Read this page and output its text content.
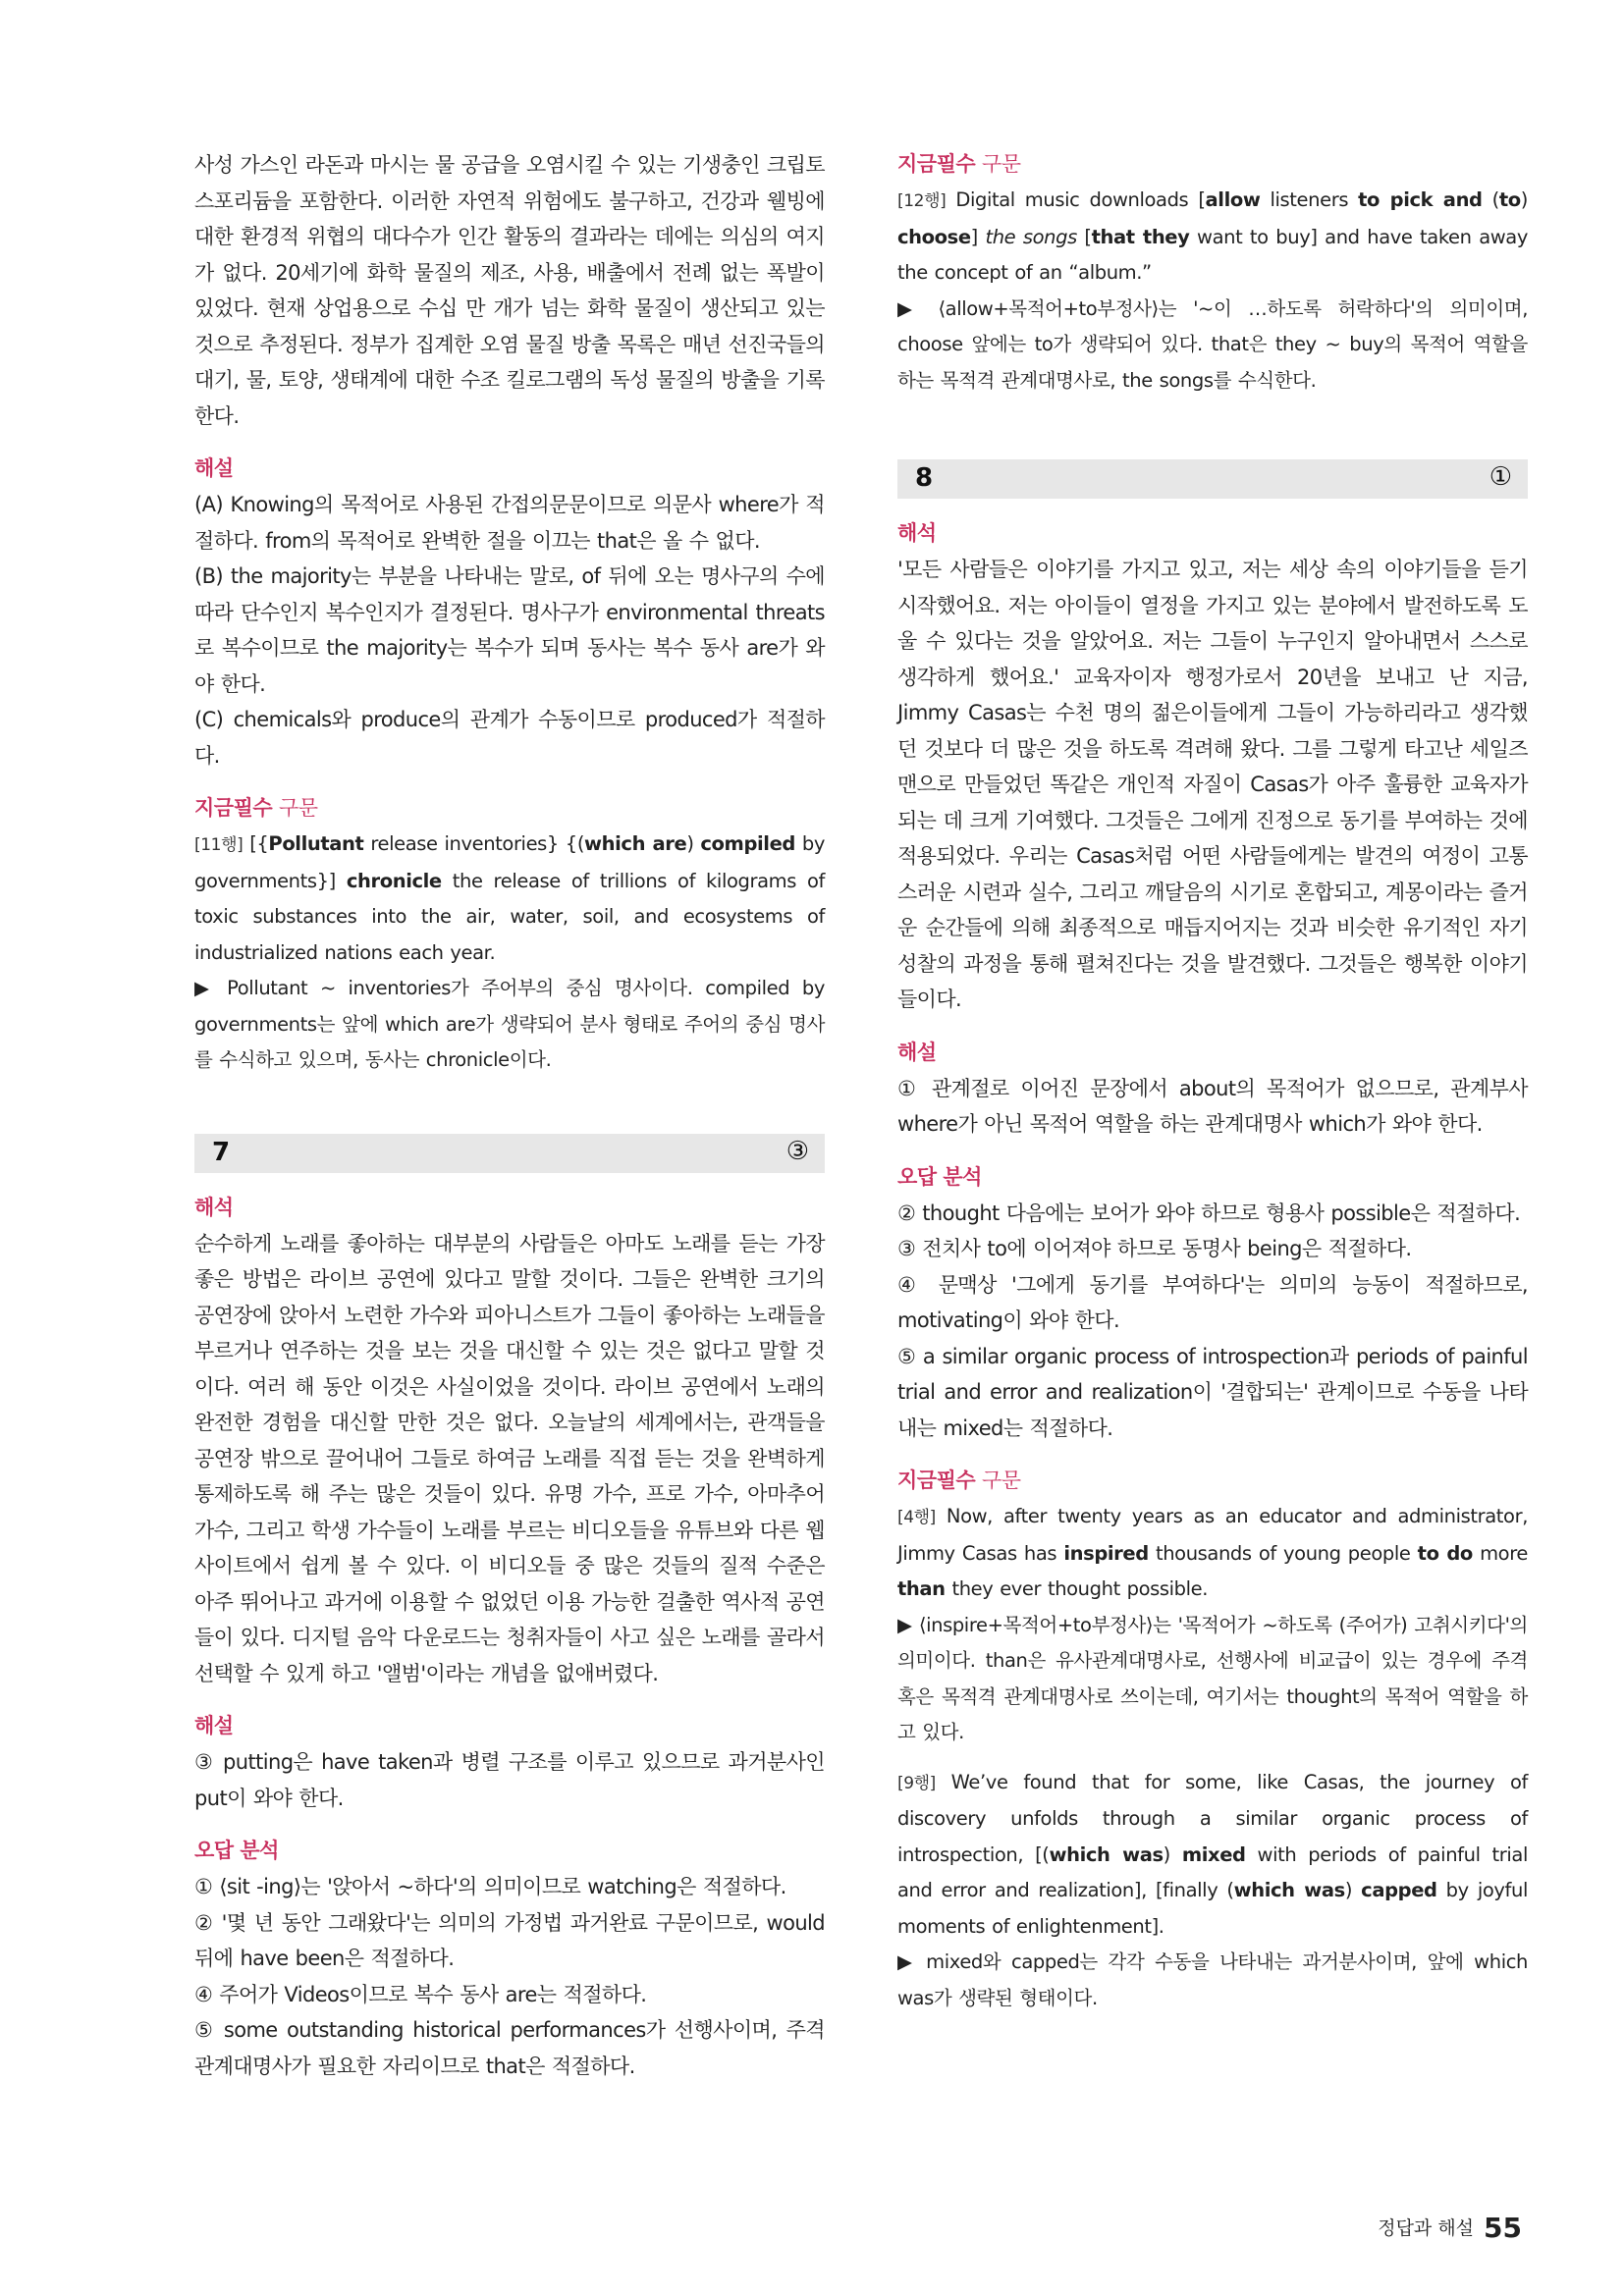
사성 가스인 라돈과 마시는 물 공급을 오염시킬 수 있는 기생충인 크립토스포리듐을 포함한다. 이러한 자연적 위험에도 불구하고, 건강과 웰빙에 대한 환경적 위협의 대다수가 인간 활동의 결과라는 데에는 의심의 여지가 없다. 20세기에 화학 물질의 제조, 사용, 배출에서 전례 없는 폭발이 있었다. 현재 상업용으로 수십 만 개가 넘는 화학 물질이 생산되고 있는 것으로 추정된다. 정부가 집계한 오염 물질 방출 목록은 매년 선진국들의 대기, 물, 토양, 생태계에 대한 수조 킬로그램의 독성 물질의 방출을 기록한다.

해설

(A) Knowing의 목적어로 사용된 간접의문문이므로 의문사 where가 적절하다. from의 목적어로 완벽한 절을 이끄는 that은 올 수 없다.

(B) the majority는 부분을 나타내는 말로, of 뒤에 오는 명사구의 수에 따라 단수인지 복수인지가 결정된다. 명사구가 environmental threats로 복수이므로 the majority는 복수가 되며 동사는 복수 동사 are가 와야 한다.

(C) chemicals와 produce의 관계가 수동이므로 produced가 적절하다.

지금필수 구문

[11행] [{Pollutant release inventories} {(which are) compiled by governments}] chronicle the release of trillions of kilograms of toxic substances into the air, water, soil, and ecosystems of industrialized nations each year.

▶ Pollutant ~ inventories가 주어부의 중심 명사이다. compiled by governments는 앞에 which are가 생략되어 분사 형태로 주어의 중심 명사를 수식하고 있으며, 동사는 chronicle이다.

7	③
해석

순수하게 노래를 좋아하는 대부분의 사람들은 아마도 노래를 듣는 가장 좋은 방법은 라이브 공연에 있다고 말할 것이다. 그들은 완벽한 크기의 공연장에 앉아서 노련한 가수와 피아니스트가 그들이 좋아하는 노래들을 부르거나 연주하는 것을 보는 것을 대신할 수 있는 것은 없다고 말할 것이다. 여러 해 동안 이것은 사실이었을 것이다. 라이브 공연에서 노래의 완전한 경험을 대신할 만한 것은 없다. 오늘날의 세계에서는, 관객들을 공연장 밖으로 끌어내어 그들로 하여금 노래를 직접 듣는 것을 완벽하게 통제하도록 해 주는 많은 것들이 있다. 유명 가수, 프로 가수, 아마추어 가수, 그리고 학생 가수들이 노래를 부르는 비디오들을 유튜브와 다른 웹 사이트에서 쉽게 볼 수 있다. 이 비디오들 중 많은 것들의 질적 수준은 아주 뛰어나고 과거에 이용할 수 없었던 이용 가능한 걸출한 역사적 공연들이 있다. 디지털 음악 다운로드는 청취자들이 사고 싶은 노래를 골라서 선택할 수 있게 하고 '앨범'이라는 개념을 없애버렸다.

해설

③ putting은 have taken과 병렬 구조를 이루고 있으므로 과거분사인 put이 와야 한다.

오답 분석

① ⟨sit -ing⟩는 '앉아서 ~하다'의 의미이므로 watching은 적절하다.

② '몇 년 동안 그래왔다'는 의미의 가정법 과거완료 구문이므로, would 뒤에 have been은 적절하다.

④ 주어가 Videos이므로 복수 동사 are는 적절하다.

⑤ some outstanding historical performances가 선행사이며, 주격 관계대명사가 필요한 자리이므로 that은 적절하다.

지금필수 구문

[12행] Digital music downloads [allow listeners to pick and (to) choose] the songs [that they want to buy] and have taken away the concept of an “album.”

▶ ⟨allow+목적어+to부정사⟩는 '~이 …하도록 허락하다'의 의미이며, choose 앞에는 to가 생략되어 있다. that은 they ~ buy의 목적어 역할을 하는 목적격 관계대명사로, the songs를 수식한다.

8	①
해석

'모든 사람들은 이야기를 가지고 있고, 저는 세상 속의 이야기들을 듣기 시작했어요. 저는 아이들이 열정을 가지고 있는 분야에서 발전하도록 도울 수 있다는 것을 알았어요. 저는 그들이 누구인지 알아내면서 스스로 생각하게 했어요.' 교육자이자 행정가로서 20년을 보내고 난 지금, Jimmy Casas는 수천 명의 젊은이들에게 그들이 가능하리라고 생각했던 것보다 더 많은 것을 하도록 격려해 왔다. 그를 그렇게 타고난 세일즈맨으로 만들었던 똑같은 개인적 자질이 Casas가 아주 훌륭한 교육자가 되는 데 크게 기여했다. 그것들은 그에게 진정으로 동기를 부여하는 것에 적용되었다. 우리는 Casas처럼 어떤 사람들에게는 발견의 여정이 고통스러운 시련과 실수, 그리고 깨달음의 시기로 혼합되고, 계몽이라는 즐거운 순간들에 의해 최종적으로 매듭지어지는 것과 비슷한 유기적인 자기 성찰의 과정을 통해 펼쳐진다는 것을 발견했다. 그것들은 행복한 이야기들이다.

해설

① 관계절로 이어진 문장에서 about의 목적어가 없으므로, 관계부사 where가 아닌 목적어 역할을 하는 관계대명사 which가 와야 한다.

오답 분석

② thought 다음에는 보어가 와야 하므로 형용사 possible은 적절하다.

③ 전치사 to에 이어져야 하므로 동명사 being은 적절하다.

④ 문맥상 '그에게 동기를 부여하다'는 의미의 능동이 적절하므로, motivating이 와야 한다.

⑤ a similar organic process of introspection과 periods of painful trial and error and realization이 '결합되는' 관계이므로 수동을 나타내는 mixed는 적절하다.

지금필수 구문

[4행] Now, after twenty years as an educator and administrator, Jimmy Casas has inspired thousands of young people to do more than they ever thought possible.

▶ ⟨inspire+목적어+to부정사⟩는 '목적어가 ~하도록 (주어가) 고취시키다'의 의미이다. than은 유사관계대명사로, 선행사에 비교급이 있는 경우에 주격 혹은 목적격 관계대명사로 쓰이는데, 여기서는 thought의 목적어 역할을 하고 있다.

[9행] We’ve found that for some, like Casas, the journey of discovery unfolds through a similar organic process of introspection, [(which was) mixed with periods of painful trial and error and realization], [finally (which was) capped by joyful moments of enlightenment].

▶ mixed와 capped는 각각 수동을 나타내는 과거분사이며, 앞에 which was가 생략된 형태이다.

정답과 해설 55
